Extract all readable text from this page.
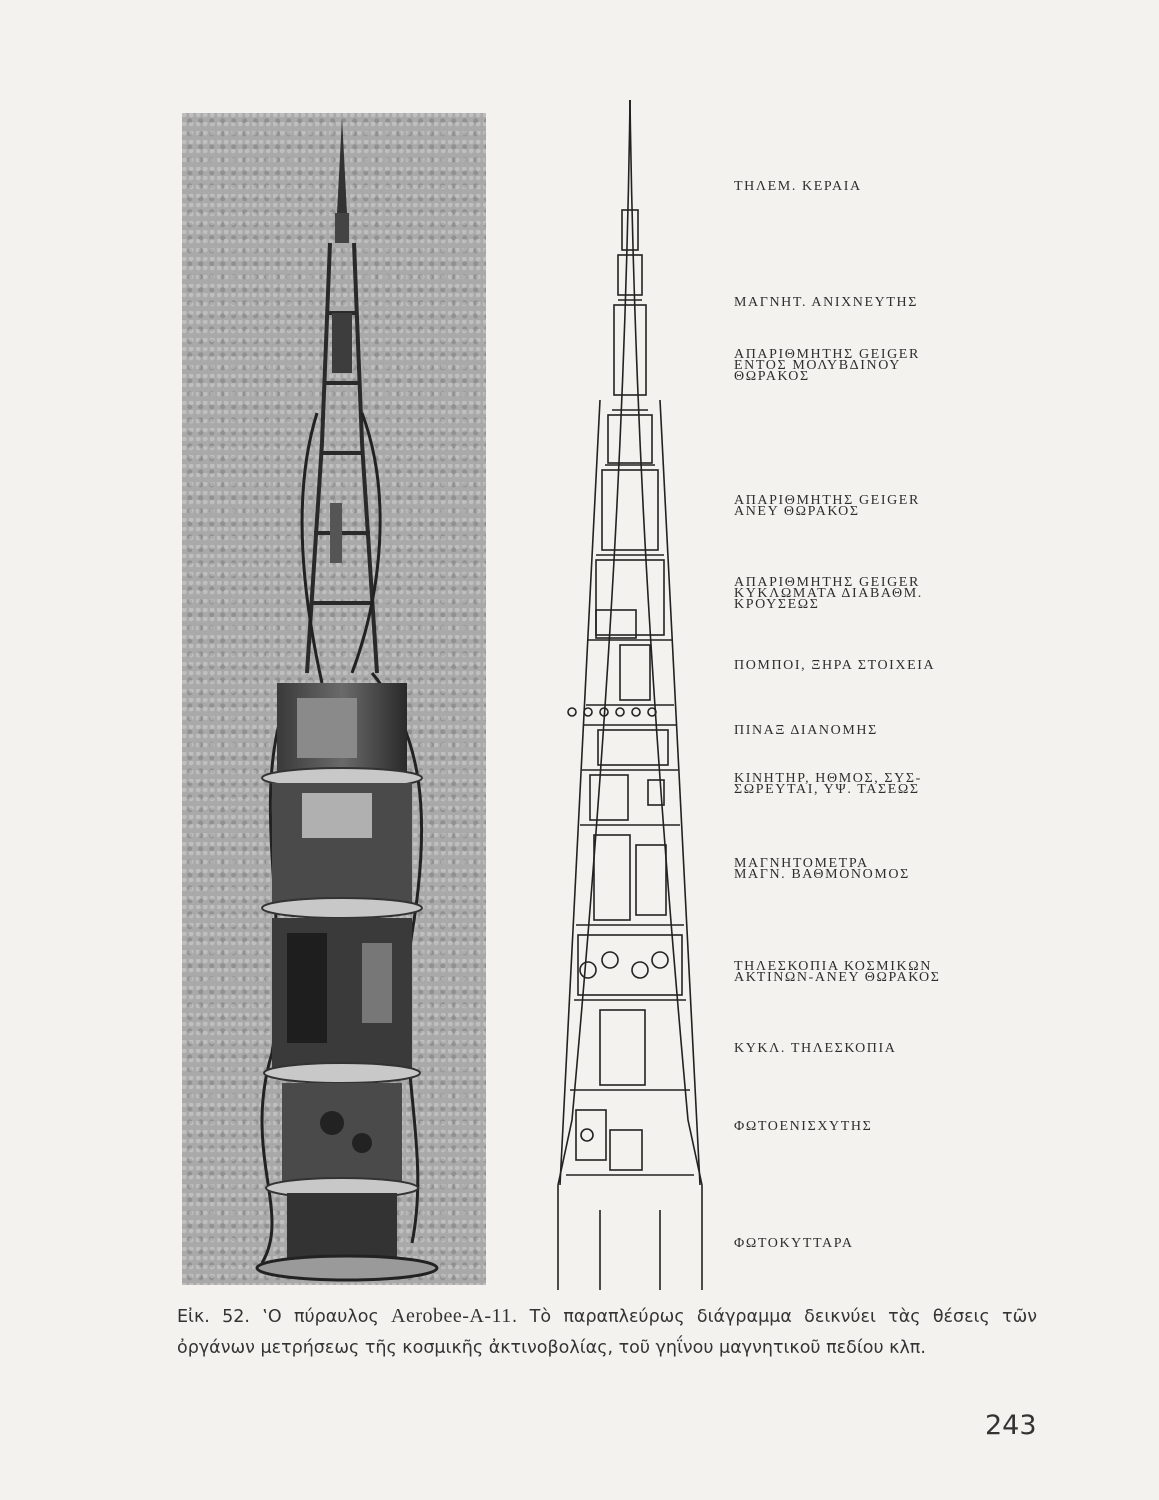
ΤΗΛΕΜ. ΚΕΡΑΙΑ

ΜΑΓΝΗΤ. ΑΝΙΧΝΕΥΤΗΣ

ΑΠΑΡΙΘΜΗΤΗΣ GEIGER
ΕΝΤΟΣ ΜΟΛΥΒΔΙΝΟΥ
ΘΩΡΑΚΟΣ

ΑΠΑΡΙΘΜΗΤΗΣ GEIGER
ΑΝΕΥ ΘΩΡΑΚΟΣ

ΑΠΑΡΙΘΜΗΤΗΣ GEIGER
ΚΥΚΛΩΜΑΤΑ ΔΙΑΒΑΘΜ.
ΚΡΟΥΣΕΩΣ

ΠΟΜΠΟΙ, ΞΗΡΑ ΣΤΟΙΧΕΙΑ

ΠΙΝΑΞ ΔΙΑΝΟΜΗΣ

ΚΙΝΗΤΗΡ, ΗΘΜΟΣ, ΣΥΣ-
ΣΩΡΕΥΤΑΙ, ΥΨ. ΤΑΣΕΩΣ

ΜΑΓΝΗΤΟΜΕΤΡΑ
ΜΑΓΝ. ΒΑΘΜΟΝΟΜΟΣ

ΤΗΛΕΣΚΟΠΙΑ ΚΟΣΜΙΚΩΝ
ΑΚΤΙΝΩΝ-ΑΝΕΥ ΘΩΡΑΚΟΣ

ΚΥΚΛ. ΤΗΛΕΣΚΟΠΙΑ

ΦΩΤΟΕΝΙΣΧΥΤΗΣ

ΦΩΤΟΚΥΤΤΑΡΑ

Εἰκ. 52. ‛Ο πύραυλος Aerobee-A-11. Τὸ παραπλεύρως διάγραμμα δεικνύει τὰς θέσεις τῶν ὀργάνων μετρήσεως τῆς κοσμικῆς ἀκτινοβολίας, τοῦ γηΐνου μαγνητικοῦ πεδίου κλπ.

243
